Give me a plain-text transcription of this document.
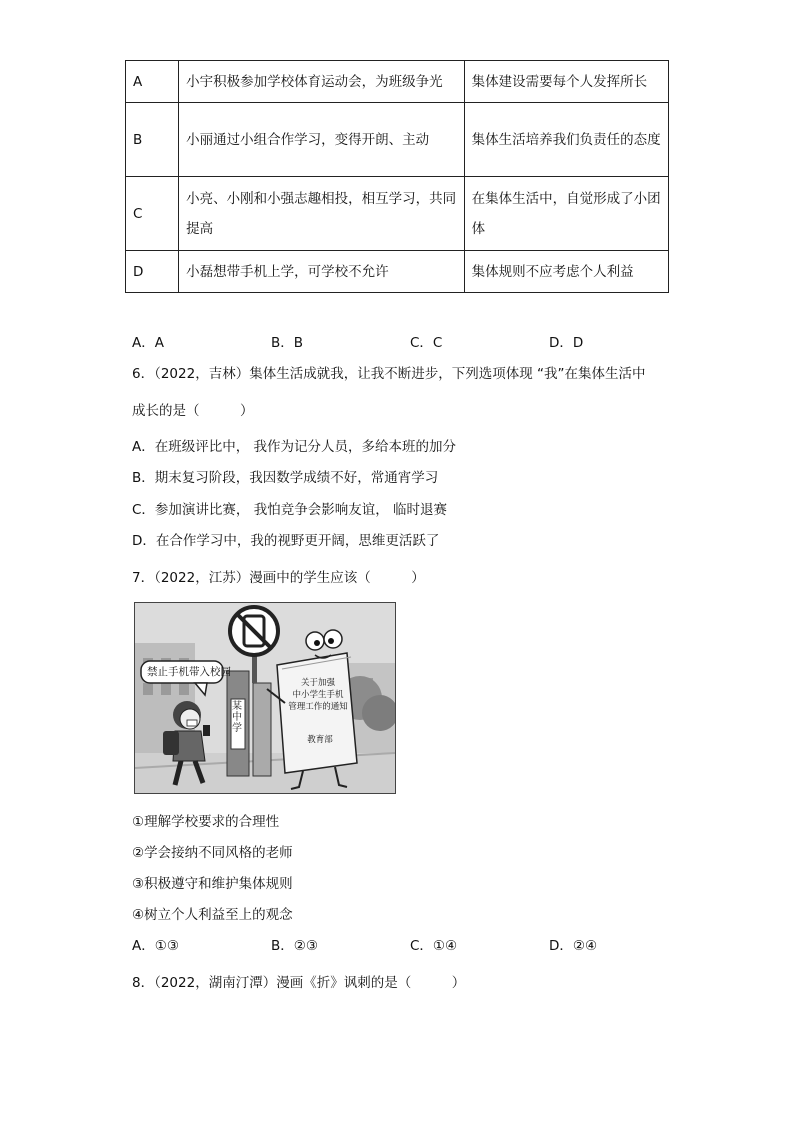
A	小宇积极参加学校体育运动会，为班级争光	集体建设需要每个人发挥所长
B	小丽通过小组合作学习，变得开朗、主动	集体生活培养我们负责任的态度
C	小亮、小刚和小强志趣相投，相互学习，共同提高	在集体生活中，自觉形成了小团体
D	小磊想带手机上学，可学校不允许	集体规则不应考虑个人利益
A．A	B．B	C．C	D．D
6．（2022，吉林）集体生活成就我，让我不断进步，下列选项体现 “我”在集体生活中
成长的是（　　　）
A．在班级评比中， 我作为记分人员，多给本班的加分
B．期末复习阶段，我因数学成绩不好，常通宵学习
C．参加演讲比赛， 我怕竞争会影响友谊， 临时退赛
D．在合作学习中，我的视野更开阔，思维更活跃了
7．（2022，江苏）漫画中的学生应该（　　　）
禁止手机带入校园
某中学
关于加强
中小学生手机
管理工作的通知
教育部
①理解学校要求的合理性
②学会接纳不同风格的老师
③积极遵守和维护集体规则
④树立个人利益至上的观念
A．①③	B．②③	C．①④	D．②④
8．（2022，湖南汀潭）漫画《折》讽刺的是（　　　）
